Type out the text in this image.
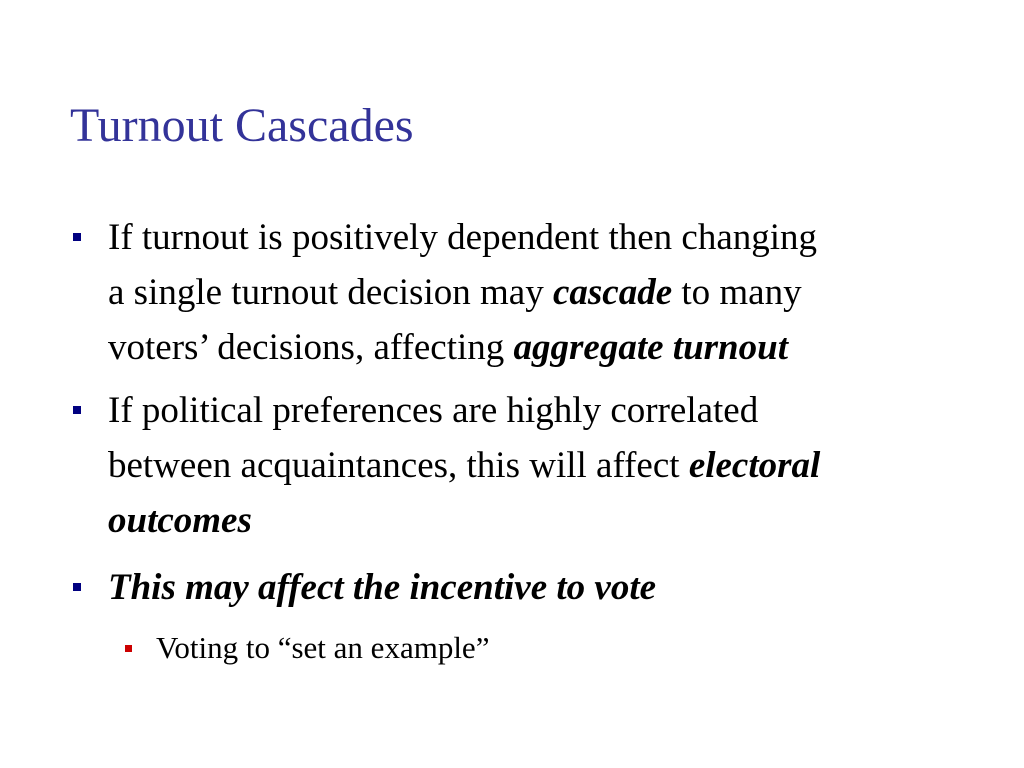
Turnout Cascades
If turnout is positively dependent then changing
a single turnout decision may cascade to many
voters’ decisions, affecting aggregate turnout
If political preferences are highly correlated
between acquaintances, this will affect electoral
outcomes
This may affect the incentive to vote
Voting to “set an example”
